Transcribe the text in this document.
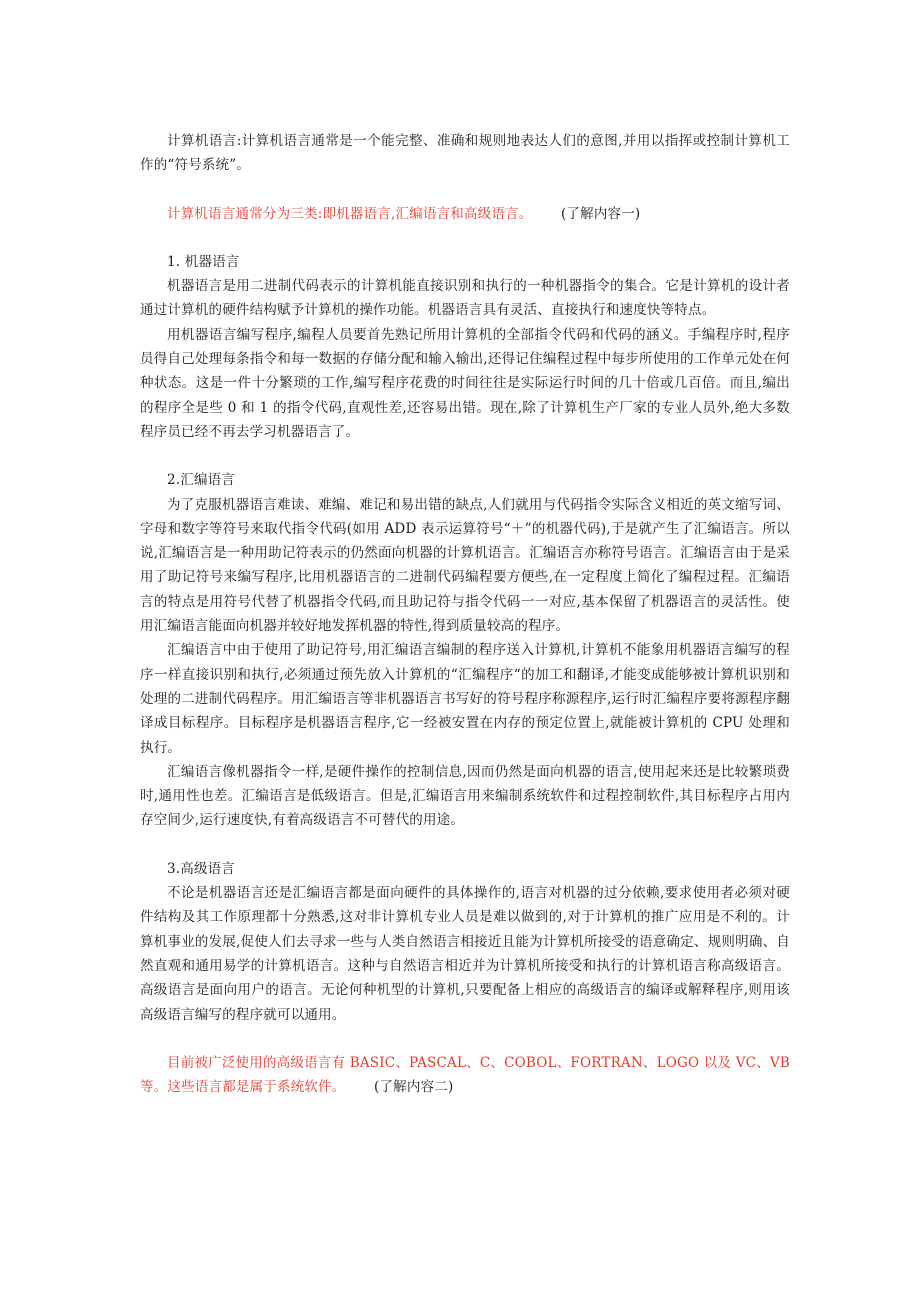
计算机语言:计算机语言通常是一个能完整、准确和规则地表达人们的意图,并用以指挥或控制计算机工作的“符号系统”。

计算机语言通常分为三类:即机器语言,汇编语言和高级语言。 (了解内容一)

1. 机器语言

机器语言是用二进制代码表示的计算机能直接识别和执行的一种机器指令的集合。它是计算机的设计者通过计算机的硬件结构赋予计算机的操作功能。机器语言具有灵活、直接执行和速度快等特点。

用机器语言编写程序,编程人员要首先熟记所用计算机的全部指令代码和代码的涵义。手编程序时,程序员得自己处理每条指令和每一数据的存储分配和输入输出,还得记住编程过程中每步所使用的工作单元处在何种状态。这是一件十分繁琐的工作,编写程序花费的时间往往是实际运行时间的几十倍或几百倍。而且,编出的程序全是些 0 和 1 的指令代码,直观性差,还容易出错。现在,除了计算机生产厂家的专业人员外,绝大多数程序员已经不再去学习机器语言了。

2.汇编语言

为了克服机器语言难读、难编、难记和易出错的缺点,人们就用与代码指令实际含义相近的英文缩写词、字母和数字等符号来取代指令代码(如用 ADD 表示运算符号“＋”的机器代码),于是就产生了汇编语言。所以说,汇编语言是一种用助记符表示的仍然面向机器的计算机语言。汇编语言亦称符号语言。汇编语言由于是采用了助记符号来编写程序,比用机器语言的二进制代码编程要方便些,在一定程度上简化了编程过程。汇编语言的特点是用符号代替了机器指令代码,而且助记符与指令代码一一对应,基本保留了机器语言的灵活性。使用汇编语言能面向机器并较好地发挥机器的特性,得到质量较高的程序。

汇编语言中由于使用了助记符号,用汇编语言编制的程序送入计算机,计算机不能象用机器语言编写的程序一样直接识别和执行,必须通过预先放入计算机的“汇编程序“的加工和翻译,才能变成能够被计算机识别和处理的二进制代码程序。用汇编语言等非机器语言书写好的符号程序称源程序,运行时汇编程序要将源程序翻译成目标程序。目标程序是机器语言程序,它一经被安置在内存的预定位置上,就能被计算机的 CPU 处理和执行。

汇编语言像机器指令一样,是硬件操作的控制信息,因而仍然是面向机器的语言,使用起来还是比较繁琐费时,通用性也差。汇编语言是低级语言。但是,汇编语言用来编制系统软件和过程控制软件,其目标程序占用内存空间少,运行速度快,有着高级语言不可替代的用途。

3.高级语言

不论是机器语言还是汇编语言都是面向硬件的具体操作的,语言对机器的过分依赖,要求使用者必须对硬件结构及其工作原理都十分熟悉,这对非计算机专业人员是难以做到的,对于计算机的推广应用是不利的。计算机事业的发展,促使人们去寻求一些与人类自然语言相接近且能为计算机所接受的语意确定、规则明确、自然直观和通用易学的计算机语言。这种与自然语言相近并为计算机所接受和执行的计算机语言称高级语言。高级语言是面向用户的语言。无论何种机型的计算机,只要配备上相应的高级语言的编译或解释程序,则用该高级语言编写的程序就可以通用。

目前被广泛使用的高级语言有 BASIC、PASCAL、C、COBOL、FORTRAN、LOGO 以及 VC、VB 等。这些语言都是属于系统软件。 (了解内容二)
